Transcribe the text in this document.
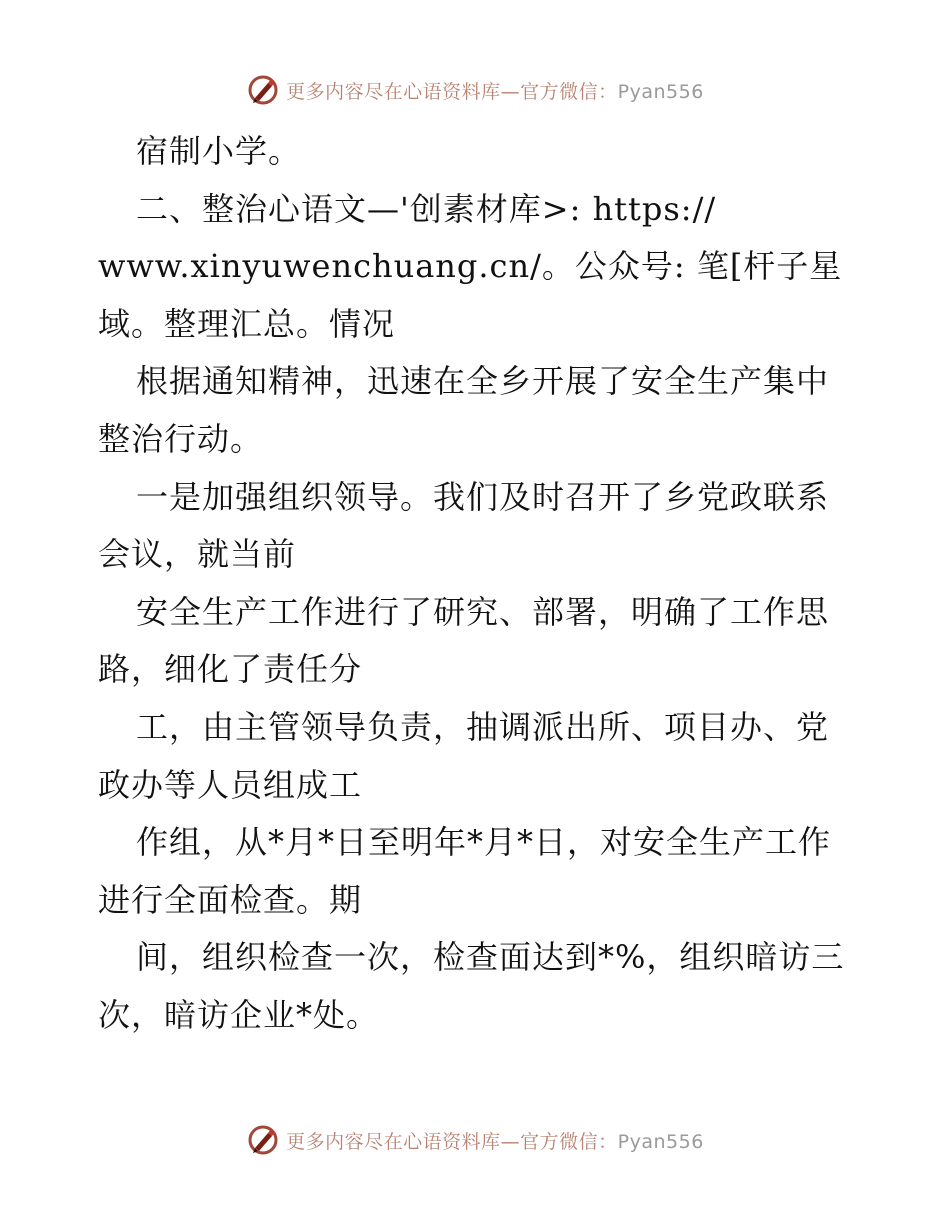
更多内容尽在心语资料库—官方微信：Pyan556
宿制小学。
二、整治心语文—'创素材库>: https://
www.xinyuwenchuang.cn/。公众号: 笔[杆子星
域。整理汇总。情况
根据通知精神，迅速在全乡开展了安全生产集中
整治行动。
一是加强组织领导。我们及时召开了乡党政联系
会议，就当前
安全生产工作进行了研究、部署，明确了工作思
路，细化了责任分
工，由主管领导负责，抽调派出所、项目办、党
政办等人员组成工
作组，从*月*日至明年*月*日，对安全生产工作
进行全面检查。期
间，组织检查一次，检查面达到*%，组织暗访三
次，暗访企业*处。
更多内容尽在心语资料库—官方微信：Pyan556
